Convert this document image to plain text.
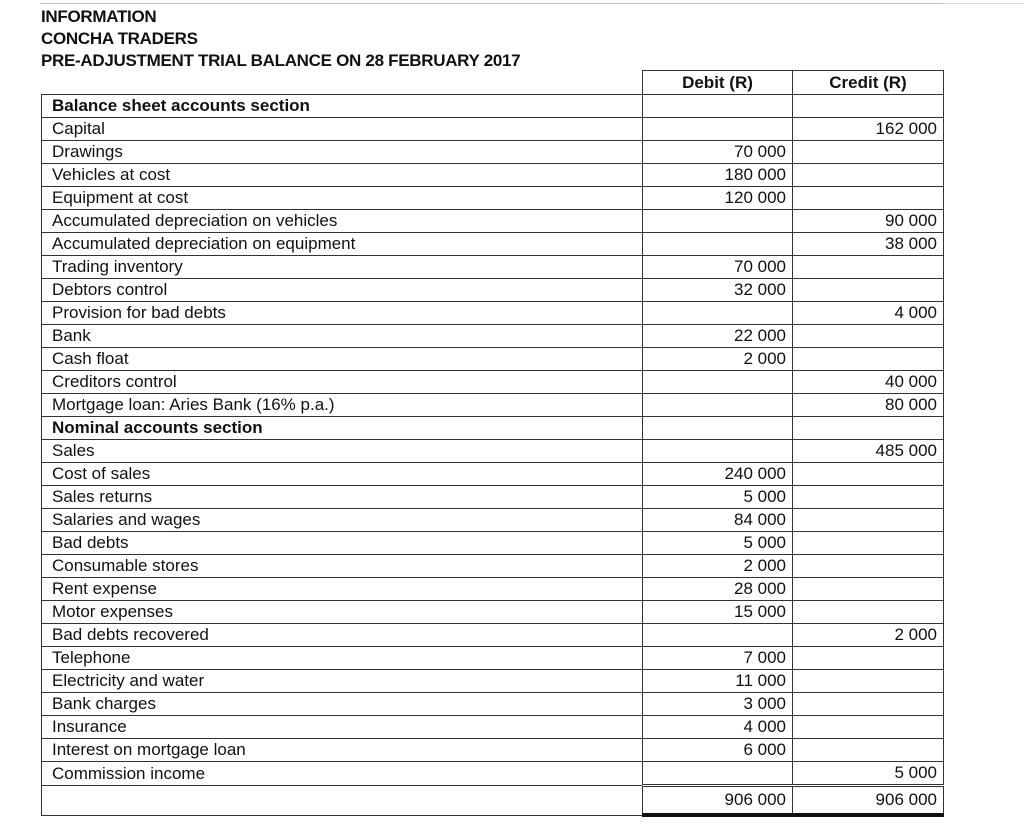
INFORMATION
CONCHA TRADERS
PRE-ADJUSTMENT TRIAL BALANCE ON 28 FEBRUARY 2017
	Debit (R)	Credit (R)
Balance sheet accounts section		
Capital		162 000
Drawings	70 000	
Vehicles at cost	180 000	
Equipment at cost	120 000	
Accumulated depreciation on vehicles		90 000
Accumulated depreciation on equipment		38 000
Trading inventory	70 000	
Debtors control	32 000	
Provision for bad debts		4 000
Bank	22 000	
Cash float	2 000	
Creditors control		40 000
Mortgage loan: Aries Bank (16% p.a.)		80 000
Nominal accounts section		
Sales		485 000
Cost of sales	240 000	
Sales returns	5 000	
Salaries and wages	84 000	
Bad debts	5 000	
Consumable stores	2 000	
Rent expense	28 000	
Motor expenses	15 000	
Bad debts recovered		2 000
Telephone	7 000	
Electricity and water	11 000	
Bank charges	3 000	
Insurance	4 000	
Interest on mortgage loan	6 000	
Commission income		5 000
	906 000	906 000
